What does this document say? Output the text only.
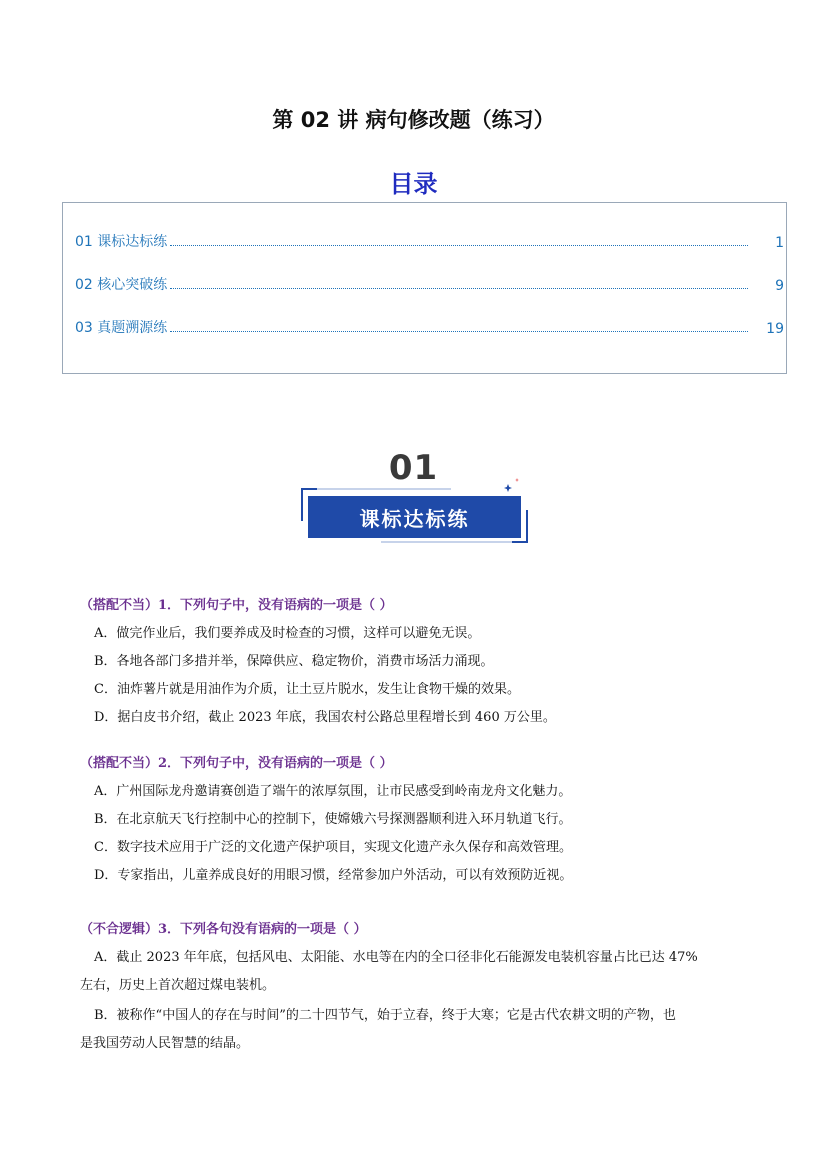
第 02 讲 病句修改题（练习）
目录
01 课标达标练	1
02 核心突破练	9
03 真题溯源练	19
01
课标达标练
（搭配不当）1．下列句子中，没有语病的一项是（ ）
A．做完作业后，我们要养成及时检查的习惯，这样可以避免无误。
B．各地各部门多措并举，保障供应、稳定物价，消费市场活力涌现。
C．油炸薯片就是用油作为介质，让土豆片脱水，发生让食物干燥的效果。
D．据白皮书介绍，截止 2023 年底，我国农村公路总里程增长到 460 万公里。
（搭配不当）2．下列句子中，没有语病的一项是（ ）
A．广州国际龙舟邀请赛创造了端午的浓厚氛围，让市民感受到岭南龙舟文化魅力。
B．在北京航天飞行控制中心的控制下，使嫦娥六号探测器顺利进入环月轨道飞行。
C．数字技术应用于广泛的文化遗产保护项目，实现文化遗产永久保存和高效管理。
D．专家指出，儿童养成良好的用眼习惯，经常参加户外活动，可以有效预防近视。
（不合逻辑）3．下列各句没有语病的一项是（ ）
A．截止 2023 年年底，包括风电、太阳能、水电等在内的全口径非化石能源发电装机容量占比已达 47%
左右，历史上首次超过煤电装机。
B．被称作“中国人的存在与时间”的二十四节气，始于立春，终于大寒；它是古代农耕文明的产物，也
是我国劳动人民智慧的结晶。
